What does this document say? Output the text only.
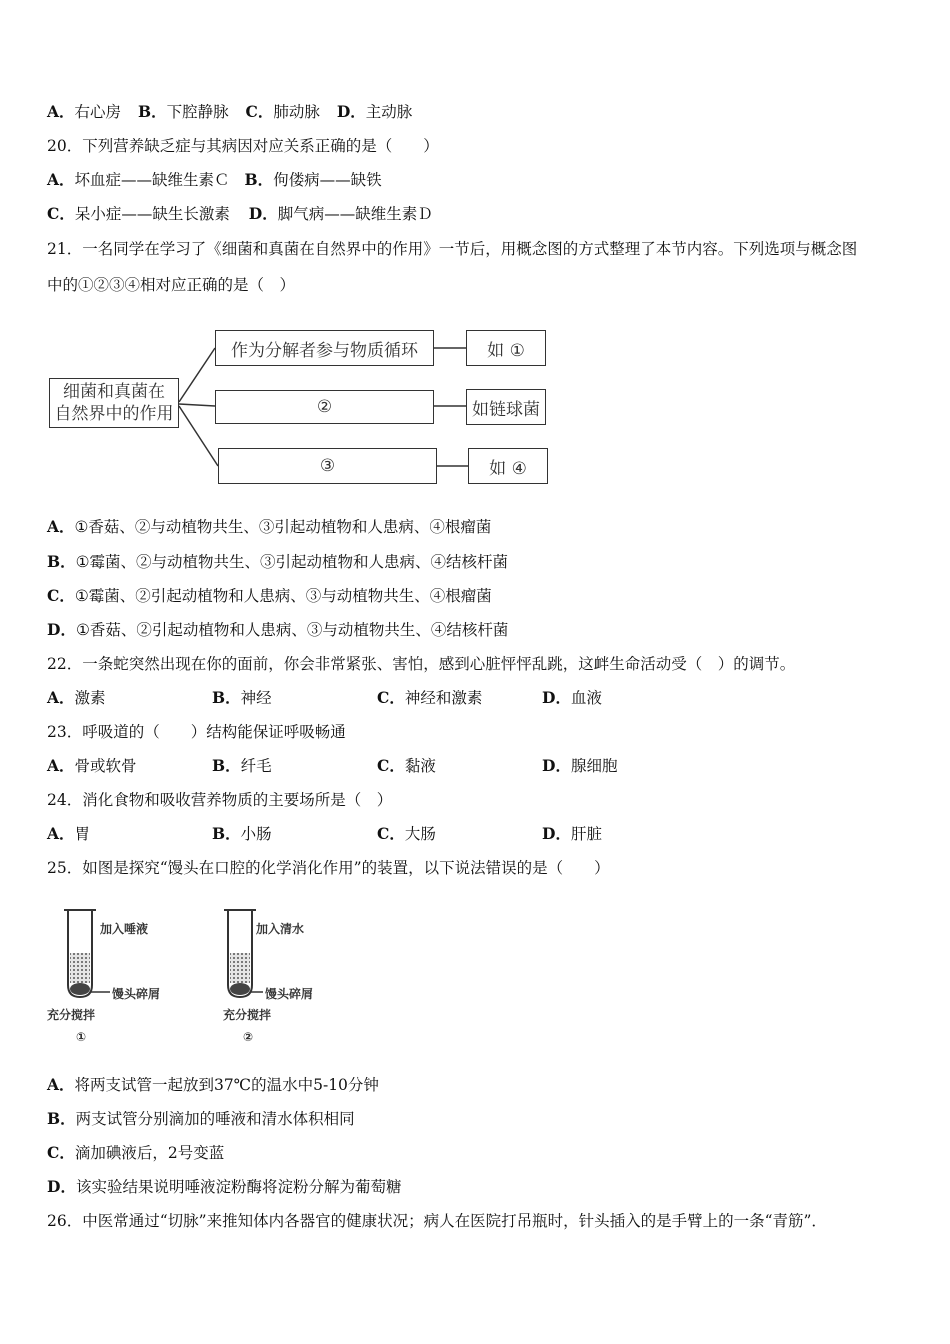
A．右心房 B．下腔静脉 C．肺动脉 D．主动脉
20．下列营养缺乏症与其病因对应关系正确的是（　　）
A．坏血症——缺维生素Ｃ B．佝偻病——缺铁
C．呆小症——缺生长激素 D．脚气病——缺维生素Ｄ
21．一名同学在学习了《细菌和真菌在自然界中的作用》一节后，用概念图的方式整理了本节内容。下列选项与概念图
中的①②③④相对应正确的是（　）
细菌和真菌在
自然界中的作用
作为分解者参与物质循环	如 ①
②	如链球菌
③	如 ④
A．①香菇、②与动植物共生、③引起动植物和人患病、④根瘤菌
B．①霉菌、②与动植物共生、③引起动植物和人患病、④结核杆菌
C．①霉菌、②引起动植物和人患病、③与动植物共生、④根瘤菌
D．①香菇、②引起动植物和人患病、③与动植物共生、④结核杆菌
22．一条蛇突然出现在你的面前，你会非常紧张、害怕，感到心脏怦怦乱跳，这衅生命活动受（　）的调节。
A．激素	B．神经	C．神经和激素	D．血液
23．呼吸道的（　　）结构能保证呼吸畅通
A．骨或软骨	B．纤毛	C．黏液	D．腺细胞
24．消化食物和吸收营养物质的主要场所是（　）
A．胃	B．小肠	C．大肠	D．肝脏
25．如图是探究“馒头在口腔的化学消化作用”的装置，以下说法错误的是（　　）
加入唾液
馒头碎屑
充分搅拌
①
加入清水
馒头碎屑
充分搅拌
②
A．将两支试管一起放到37℃的温水中5-10分钟
B．两支试管分别滴加的唾液和清水体积相同
C．滴加碘液后，2号变蓝
D．该实验结果说明唾液淀粉酶将淀粉分解为葡萄糖
26．中医常通过“切脉”来推知体内各器官的健康状况；病人在医院打吊瓶时，针头插入的是手臂上的一条“青筋”．
